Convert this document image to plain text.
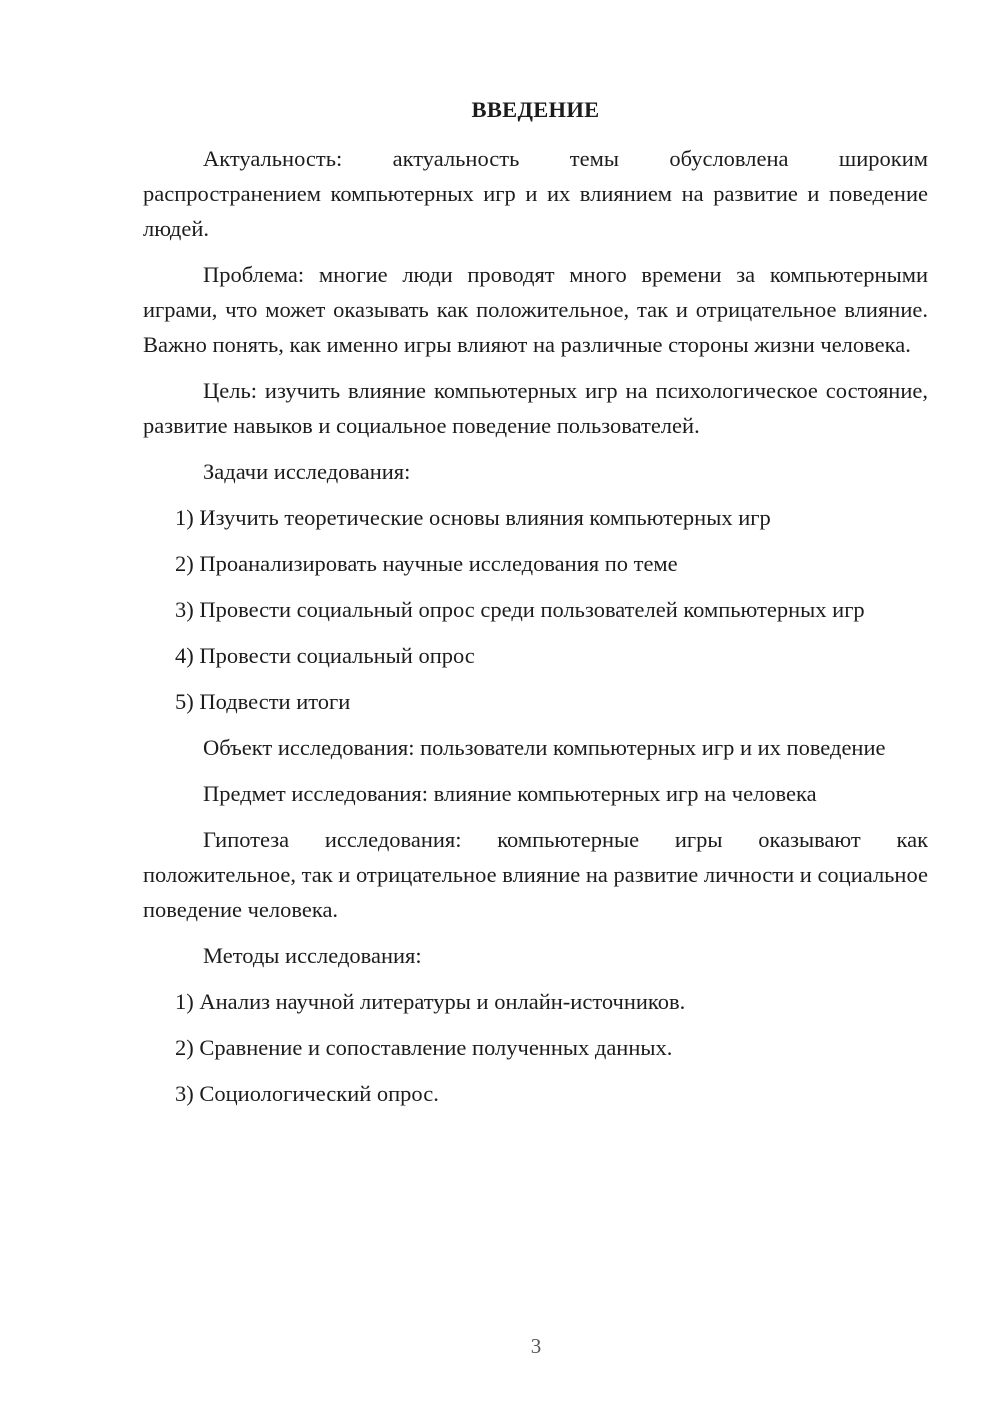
ВВЕДЕНИЕ

Актуальность: актуальность темы обусловлена широким распространением компьютерных игр и их влиянием на развитие и поведение людей.

Проблема: многие люди проводят много времени за компьютерными играми, что может оказывать как положительное, так и отрицательное влияние. Важно понять, как именно игры влияют на различные стороны жизни человека.

Цель: изучить влияние компьютерных игр на психологическое состояние, развитие навыков и социальное поведение пользователей.

Задачи исследования:

1) Изучить теоретические основы влияния компьютерных игр

2) Проанализировать научные исследования по теме

3) Провести социальный опрос среди пользователей компьютерных игр

4) Провести социальный опрос

5) Подвести итоги

Объект исследования: пользователи компьютерных игр и их поведение

Предмет исследования: влияние компьютерных игр на человека

Гипотеза исследования: компьютерные игры оказывают как положительное, так и отрицательное влияние на развитие личности и социальное поведение человека.

Методы исследования:

1) Анализ научной литературы и онлайн-источников.

2) Сравнение и сопоставление полученных данных.

3) Социологический опрос.

3
